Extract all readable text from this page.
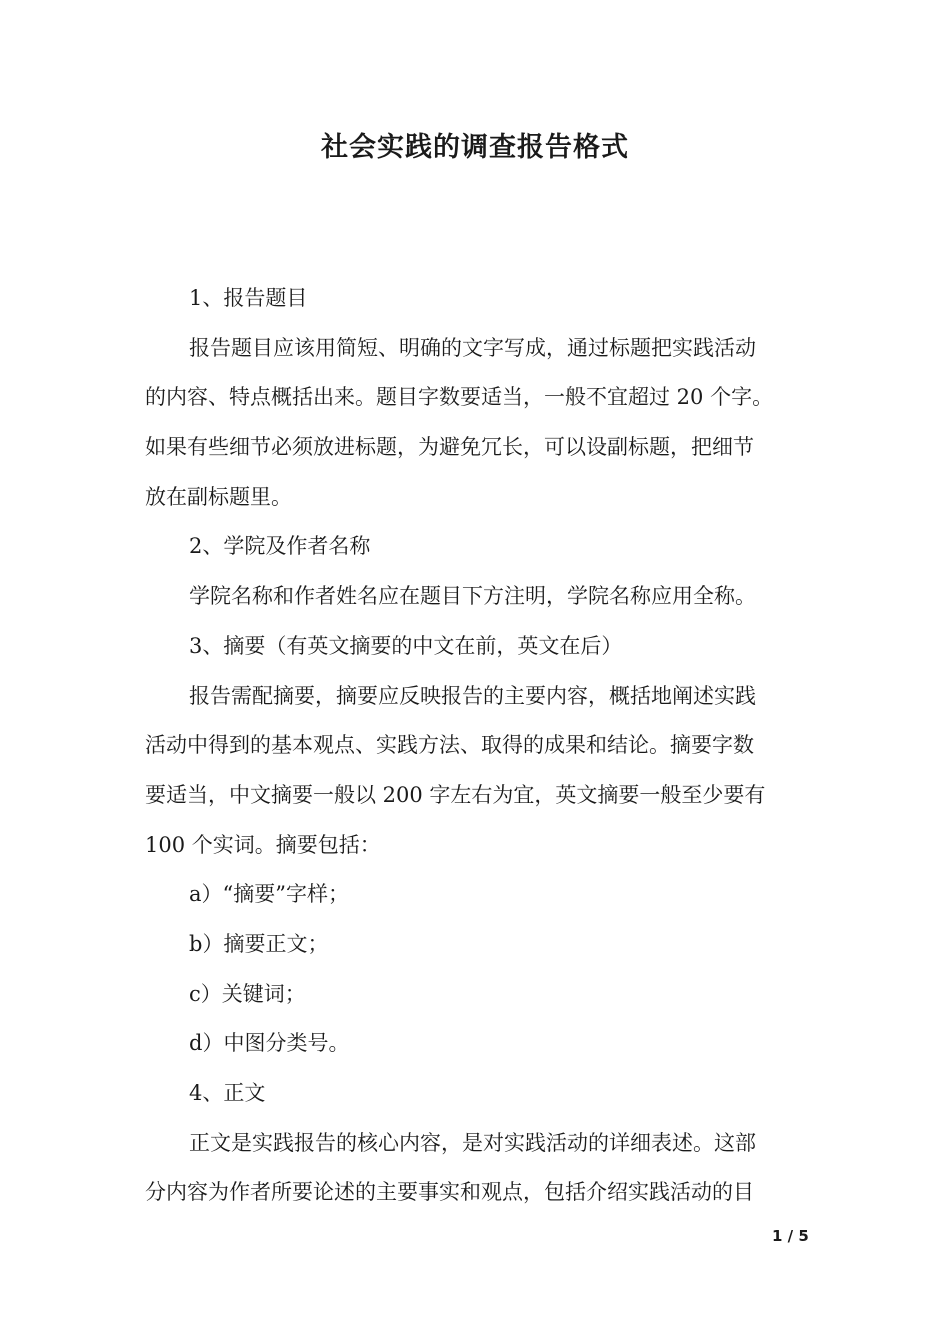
社会实践的调查报告格式
1、报告题目
报告题目应该用简短、明确的文字写成，通过标题把实践活动
的内容、特点概括出来。题目字数要适当，一般不宜超过 20 个字。
如果有些细节必须放进标题，为避免冗长，可以设副标题，把细节
放在副标题里。
2、学院及作者名称
学院名称和作者姓名应在题目下方注明，学院名称应用全称。
3、摘要（有英文摘要的中文在前，英文在后）
报告需配摘要，摘要应反映报告的主要内容，概括地阐述实践
活动中得到的基本观点、实践方法、取得的成果和结论。摘要字数
要适当，中文摘要一般以 200 字左右为宜，英文摘要一般至少要有
100 个实词。摘要包括：
a）“摘要”字样；
b）摘要正文；
c）关键词；
d）中图分类号。
4、正文
正文是实践报告的核心内容，是对实践活动的详细表述。这部
分内容为作者所要论述的主要事实和观点，包括介绍实践活动的目
1 / 5
